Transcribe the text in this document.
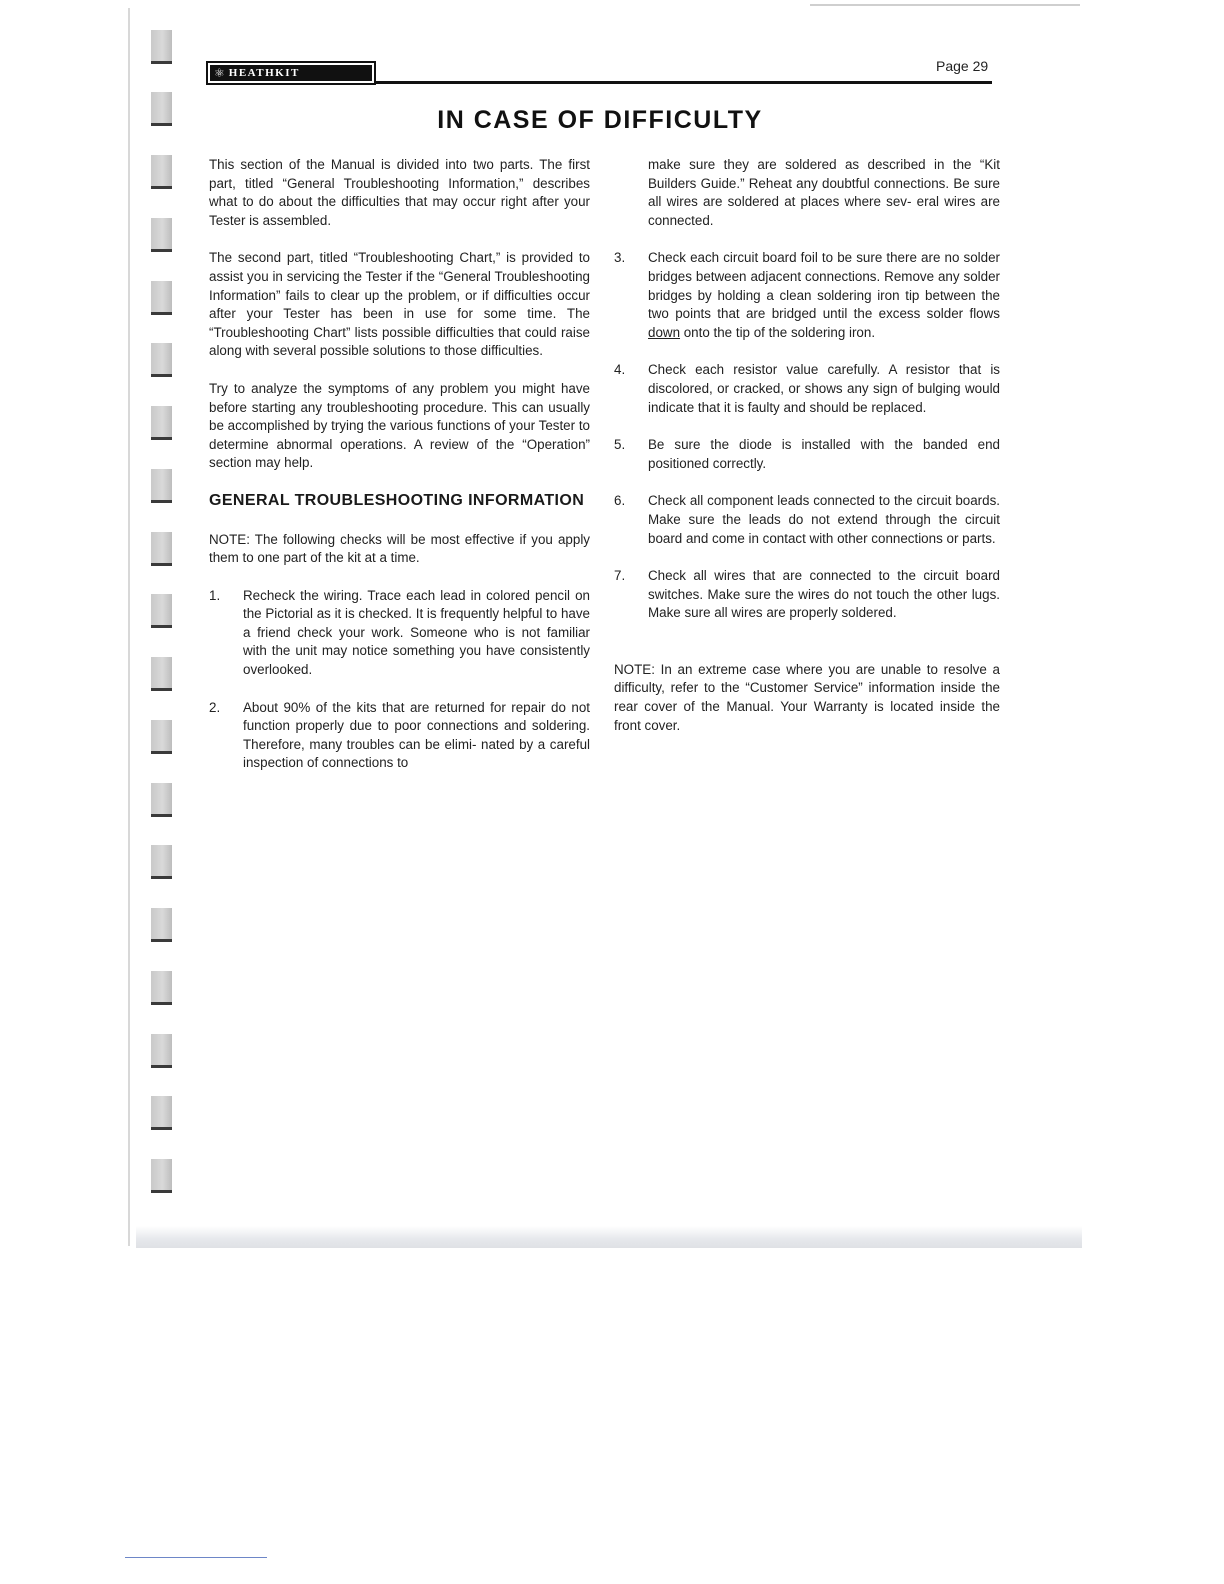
⚛ HEATHKIT	Page 29
IN CASE OF DIFFICULTY

This section of the Manual is divided into two parts. The first part, titled “General Troubleshooting Information,” describes what to do about the difficulties that may occur right after your Tester is assembled.

The second part, titled “Troubleshooting Chart,” is provided to assist you in servicing the Tester if the “General Troubleshooting Information” fails to clear up the problem, or if difficulties occur after your Tester has been in use for some time. The “Troubleshooting Chart” lists possible difficulties that could raise along with several possible solutions to those difficulties.

Try to analyze the symptoms of any problem you might have before starting any troubleshooting procedure. This can usually be accomplished by trying the various functions of your Tester to determine abnormal operations. A review of the “Operation” section may help.

GENERAL TROUBLESHOOTING INFORMATION

NOTE: The following checks will be most effective if you apply them to one part of the kit at a time.

1.	Recheck the wiring. Trace each lead in colored pencil on the Pictorial as it is checked. It is frequently helpful to have a friend check your work. Someone who is not familiar with the unit may notice something you have consistently overlooked.
2.	About 90% of the kits that are returned for repair do not function properly due to poor connections and soldering. Therefore, many troubles can be elimi- nated by a careful inspection of connections to

make sure they are soldered as described in the “Kit Builders Guide.” Reheat any doubtful connections. Be sure all wires are soldered at places where sev- eral wires are connected.

3.	Check each circuit board foil to be sure there are no solder bridges between adjacent connections. Remove any solder bridges by holding a clean soldering iron tip between the two points that are bridged until the excess solder flows down onto the tip of the soldering iron.
4.	Check each resistor value carefully. A resistor that is discolored, or cracked, or shows any sign of bulging would indicate that it is faulty and should be replaced.
5.	Be sure the diode is installed with the banded end positioned correctly.
6.	Check all component leads connected to the circuit boards. Make sure the leads do not extend through the circuit board and come in contact with other connections or parts.
7.	Check all wires that are connected to the circuit board switches. Make sure the wires do not touch the other lugs. Make sure all wires are properly soldered.

NOTE: In an extreme case where you are unable to resolve a difficulty, refer to the “Customer Service” information inside the rear cover of the Manual. Your Warranty is located inside the front cover.
